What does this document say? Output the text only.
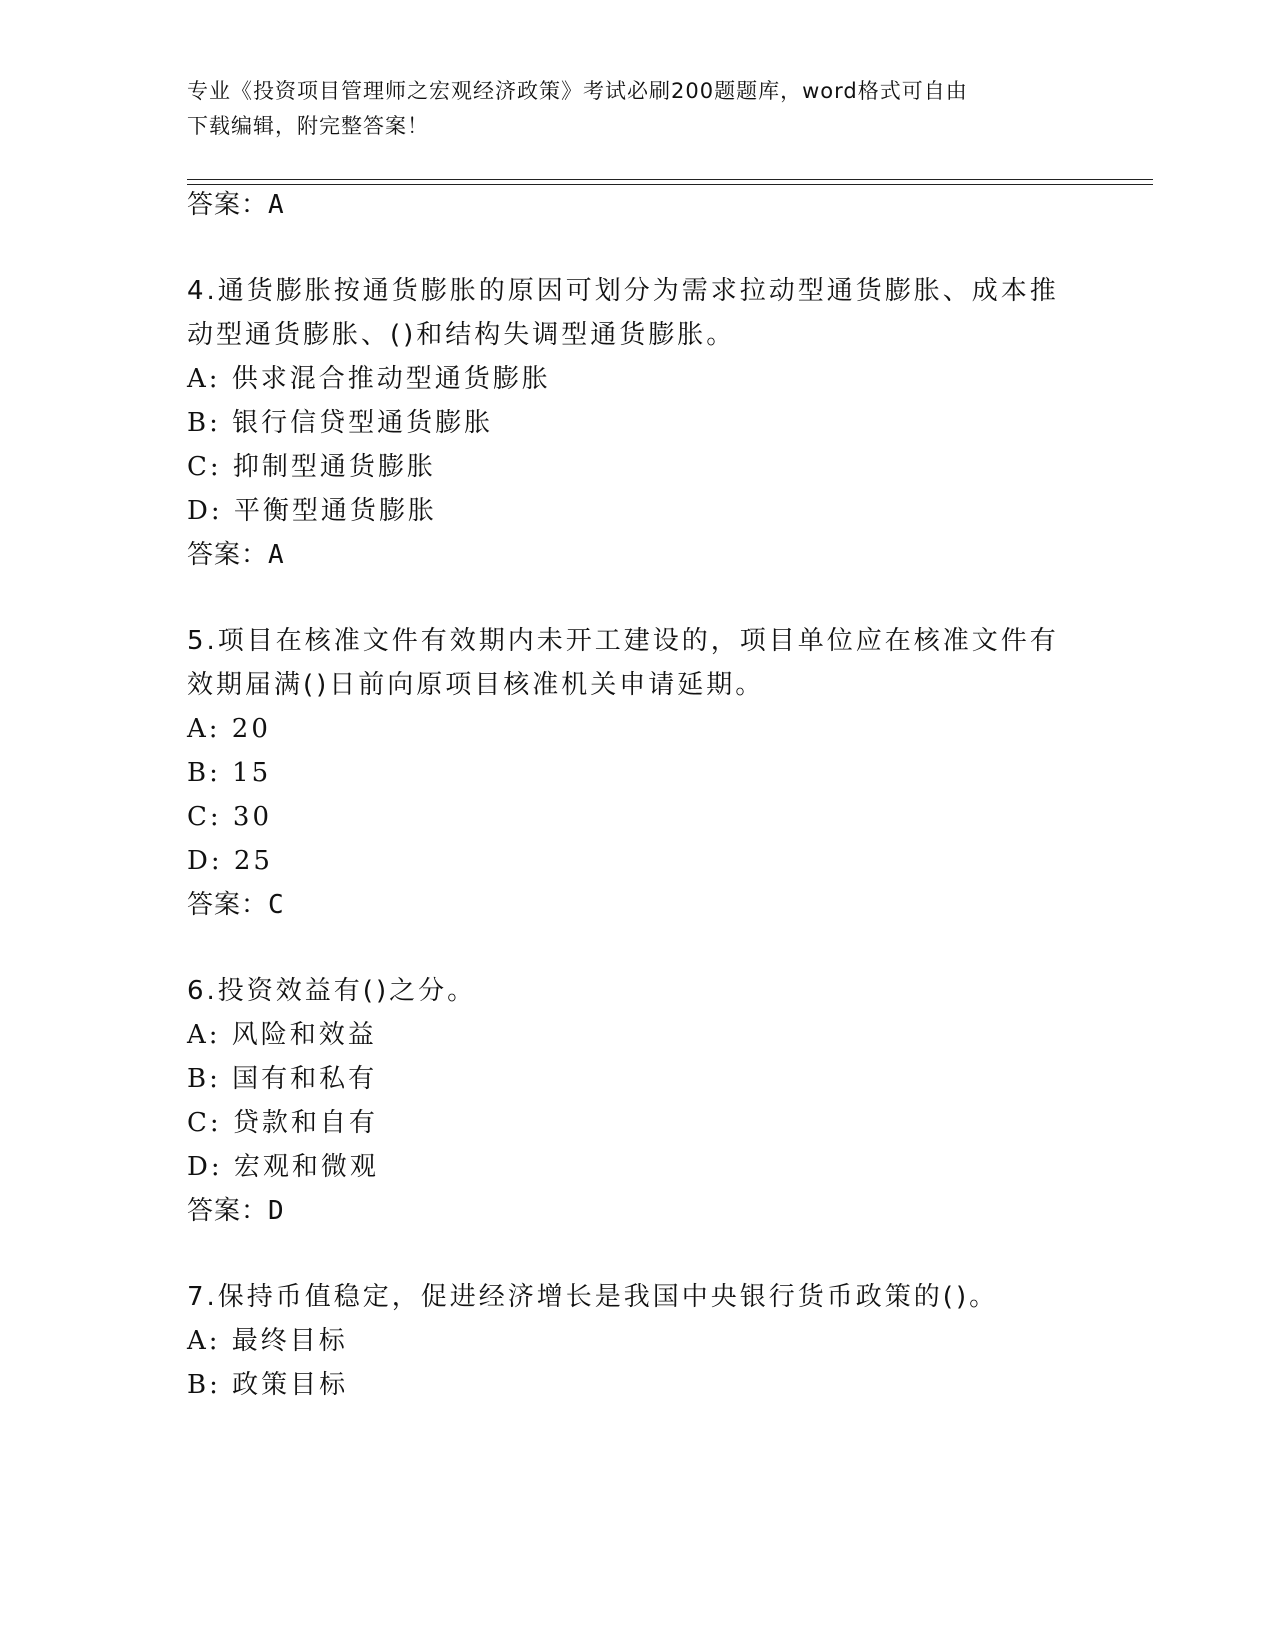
专业《投资项目管理师之宏观经济政策》考试必刷200题题库，word格式可自由
下载编辑，附完整答案！
答案：A
4.通货膨胀按通货膨胀的原因可划分为需求拉动型通货膨胀、成本推
动型通货膨胀、()和结构失调型通货膨胀。
A: 供求混合推动型通货膨胀
B: 银行信贷型通货膨胀
C: 抑制型通货膨胀
D: 平衡型通货膨胀
答案：A
5.项目在核准文件有效期内未开工建设的，项目单位应在核准文件有
效期届满()日前向原项目核准机关申请延期。
A: 20
B: 15
C: 30
D: 25
答案：C
6.投资效益有()之分。
A: 风险和效益
B: 国有和私有
C: 贷款和自有
D: 宏观和微观
答案：D
7.保持币值稳定，促进经济增长是我国中央银行货币政策的()。
A: 最终目标
B: 政策目标
